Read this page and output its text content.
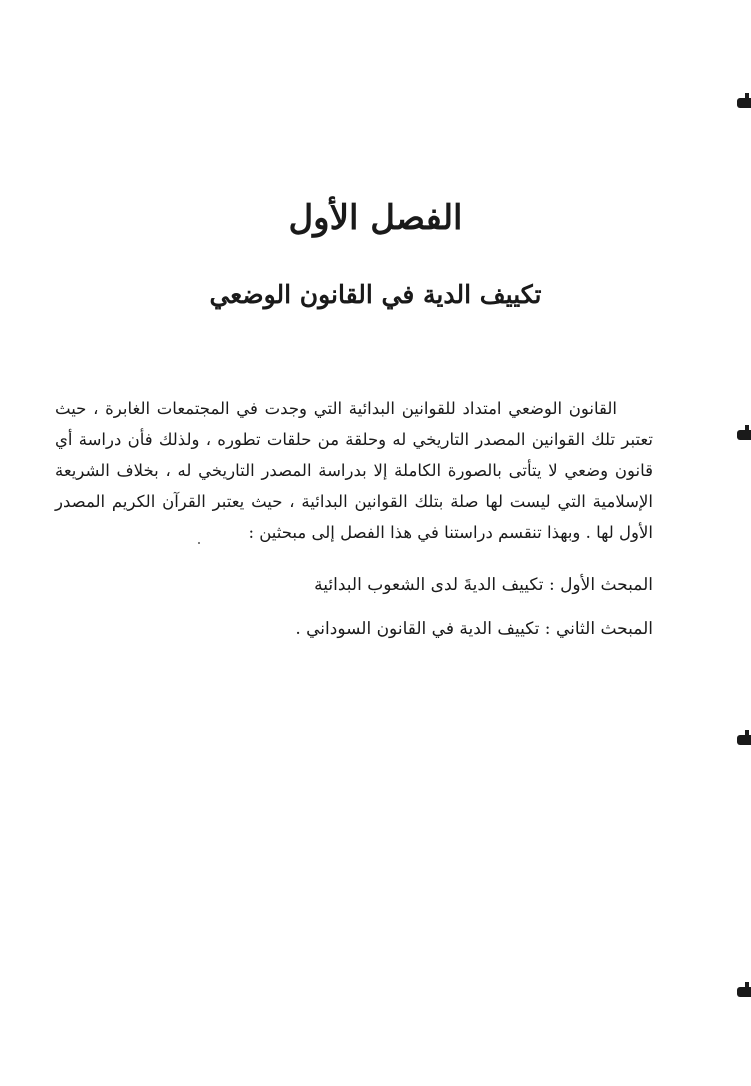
الفصل الأول
تكييف الدية في القانون الوضعي

القانون الوضعي امتداد للقوانين البدائية التي وجدت في المجتمعات الغابرة ، حيث تعتبر تلك القوانين المصدر التاريخي له وحلقة من حلقات تطوره ، ولذلك فأن دراسة أي قانون وضعي لا يتأتى بالصورة الكاملة إلا بدراسة المصدر التاريخي له ، بخلاف الشريعة الإسلامية التي ليست لها صلة بتلك القوانين البدائية ، حيث يعتبر القرآن الكريم المصدر الأول لها . وبهذا تنقسم دراستنا في هذا الفصل إلى مبحثين :

المبحث الأول : تكييف الديةَ لدى الشعوب البدائية
المبحث الثاني : تكييف الدية في القانون السوداني .
